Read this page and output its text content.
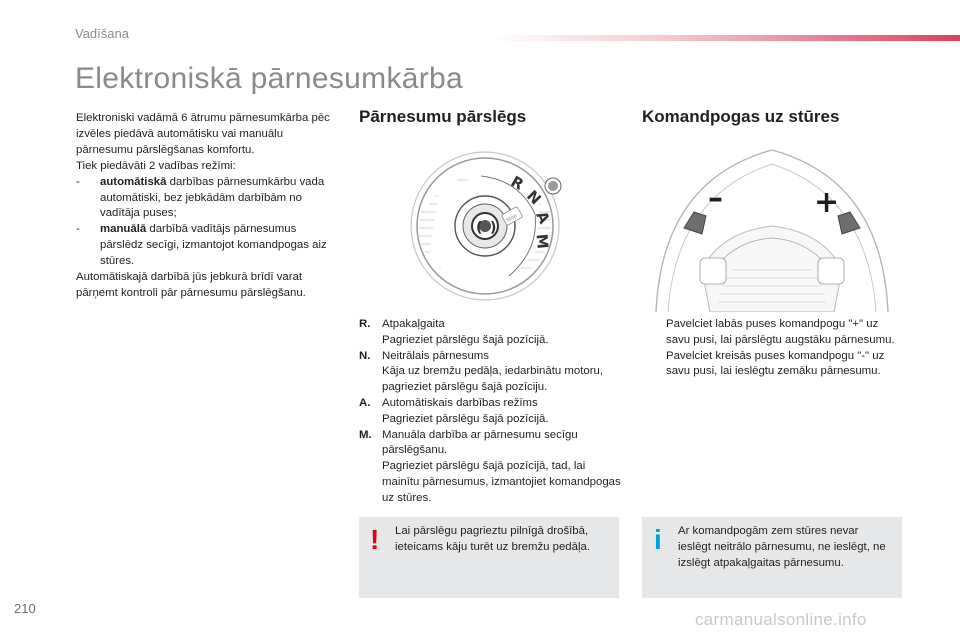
Vadīšana
Elektroniskā pārnesumkārba

Elektroniski vadāmā 6 ātrumu pārnesumkārba pēc izvēles piedāvā automātisku vai manuālu pārnesumu pārslēgšanas komfortu.

Tiek piedāvāti 2 vadības režīmi:

-	automātiskā darbības pārnesumkārbu vada automātiski, bez jebkādām darbībām no vadītāja puses;
-	manuālā darbībā vadītājs pārnesumus pārslēdz secīgi, izmantojot komandpogas aiz stūres.

Automātiskajā darbībā jūs jebkurā brīdī varat pārņemt kontroli pār pārnesumu pārslēgšanu.

Pārnesumu pārslēgs	Komandpogas uz stūres
( )
Stop
R
N
A
M
–	+
R.	Atpakaļgaita
Pagrieziet pārslēgu šajā pozīcijā.
N.	Neitrālais pārnesums
Kāja uz bremžu pedāļa, iedarbinātu motoru, pagrieziet pārslēgu šajā pozīciju.
A.	Automātiskais darbības režīms
Pagrieziet pārslēgu šajā pozīcijā.
M. Manuāla darbība ar pārnesumu secīgu pārslēgšanu.
Pagrieziet pārslēgu šajā pozīcijā, tad, lai mainītu pārnesumus, izmantojiet komandpogas uz stūres.
Pavelciet labās puses komandpogu "+" uz savu pusi, lai pārslēgtu augstāku pārnesumu.
Pavelciet kreisās puses komandpogu "-" uz savu pusi, lai ieslēgtu zemāku pārnesumu.
! Lai pārslēgu pagrieztu pilnīgā drošībā, ieteicams kāju turēt uz bremžu pedāļa.	i Ar komandpogām zem stūres nevar ieslēgt neitrālo pārnesumu, ne ieslēgt, ne izslēgt atpakaļgaitas pārnesumu.
210
carmanualsonline.info
